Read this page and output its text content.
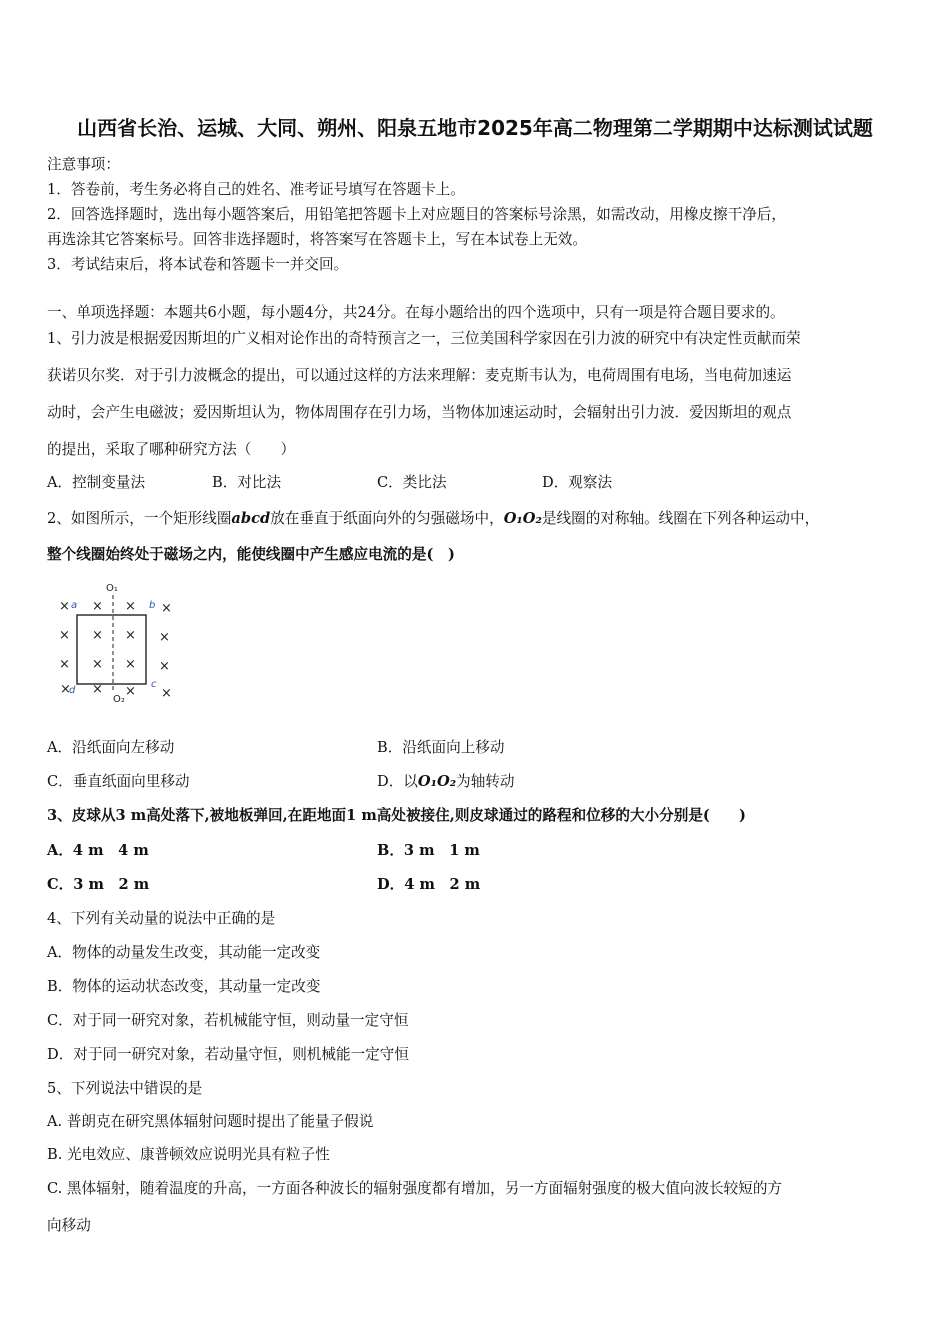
山西省长治、运城、大同、朔州、阳泉五地市2025年高二物理第二学期期中达标测试试题
注意事项：
1．答卷前，考生务必将自己的姓名、准考证号填写在答题卡上。
2．回答选择题时，选出每小题答案后，用铅笔把答题卡上对应题目的答案标号涂黑，如需改动，用橡皮擦干净后，
再选涂其它答案标号。回答非选择题时，将答案写在答题卡上，写在本试卷上无效。
3．考试结束后，将本试卷和答题卡一并交回。
一、单项选择题：本题共6小题，每小题4分，共24分。在每小题给出的四个选项中，只有一项是符合题目要求的。
1、引力波是根据爱因斯坦的广义相对论作出的奇特预言之一，三位美国科学家因在引力波的研究中有决定性贡献而荣
获诺贝尔奖．对于引力波概念的提出，可以通过这样的方法来理解：麦克斯韦认为，电荷周围有电场，当电荷加速运
动时，会产生电磁波；爱因斯坦认为，物体周围存在引力场，当物体加速运动时，会辐射出引力波．爱因斯坦的观点
的提出，采取了哪种研究方法（　　）
A．控制变量法	B．对比法	C．类比法	D．观察法
2、如图所示，一个矩形线圈abcd放在垂直于纸面向外的匀强磁场中，O₁O₂是线圈的对称轴。线圈在下列各种运动中，
整个线圈始终处于磁场之内，能使线圈中产生感应电流的是(　)
O₁
O₂
a	b
c
d
× × × ×
× × × ×
× × × ×
× × × ×
A．沿纸面向左移动	B．沿纸面向上移动
C．垂直纸面向里移动	D．以O₁O₂为轴转动
3、皮球从3 m高处落下,被地板弹回,在距地面1 m高处被接住,则皮球通过的路程和位移的大小分别是(　　)
A．4 m　4 m	B．3 m　1 m
C．3 m　2 m	D．4 m　2 m
4、下列有关动量的说法中正确的是
A．物体的动量发生改变，其动能一定改变
B．物体的运动状态改变，其动量一定改变
C．对于同一研究对象，若机械能守恒，则动量一定守恒
D．对于同一研究对象，若动量守恒，则机械能一定守恒
5、下列说法中错误的是
A. 普朗克在研究黑体辐射问题时提出了能量子假说
B. 光电效应、康普顿效应说明光具有粒子性
C. 黑体辐射，随着温度的升高，一方面各种波长的辐射强度都有增加，另一方面辐射强度的极大值向波长较短的方
向移动
